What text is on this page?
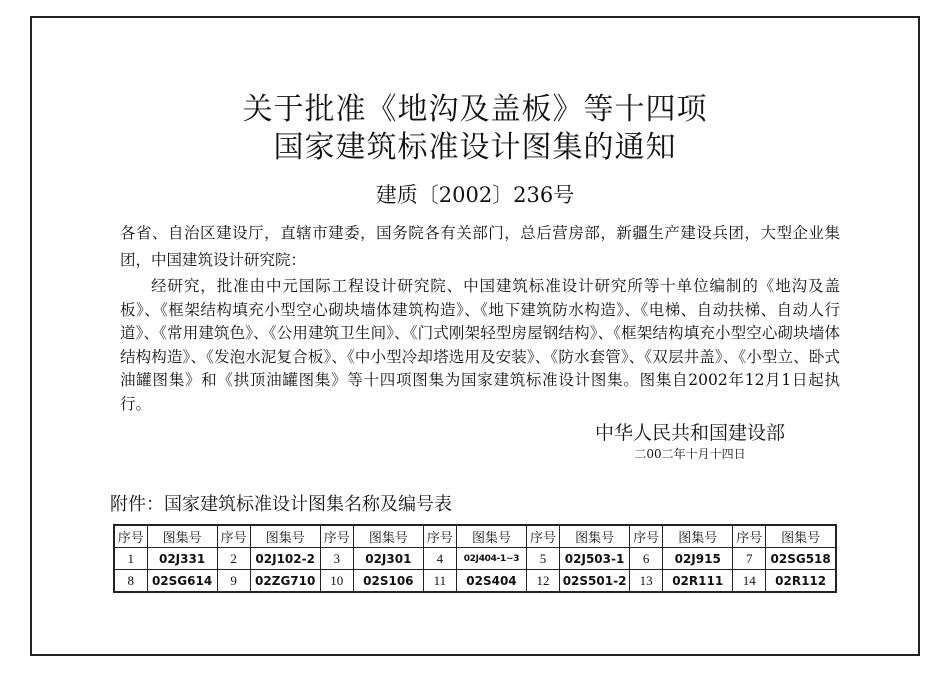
关于批准《地沟及盖板》等十四项
国家建筑标准设计图集的通知
建质〔2002〕236号
各省、自治区建设厅，直辖市建委，国务院各有关部门，总后营房部，新疆生产建设兵团，大型企业集团，中国建筑设计研究院：
经研究，批准由中元国际工程设计研究院、中国建筑标准设计研究所等十单位编制的《地沟及盖板》、《框架结构填充小型空心砌块墙体建筑构造》、《地下建筑防水构造》、《电梯、自动扶梯、自动人行道》、《常用建筑色》、《公用建筑卫生间》、《门式刚架轻型房屋钢结构》、《框架结构填充小型空心砌块墙体结构构造》、《发泡水泥复合板》、《中小型冷却塔选用及安装》、《防水套管》、《双层井盖》、《小型立、卧式油罐图集》和《拱顶油罐图集》等十四项图集为国家建筑标准设计图集。图集自2002年12月1日起执行。
中华人民共和国建设部
二00二年十月十四日
附件：国家建筑标准设计图集名称及编号表
序号	图集号	序号	图集号	序号	图集号	序号	图集号	序号	图集号	序号	图集号	序号	图集号
1	02J331	2	02J102-2	3	02J301	4	02J404-1~3	5	02J503-1	6	02J915	7	02SG518
8	02SG614	9	02ZG710	10	02S106	11	02S404	12	02S501-2	13	02R111	14	02R112
